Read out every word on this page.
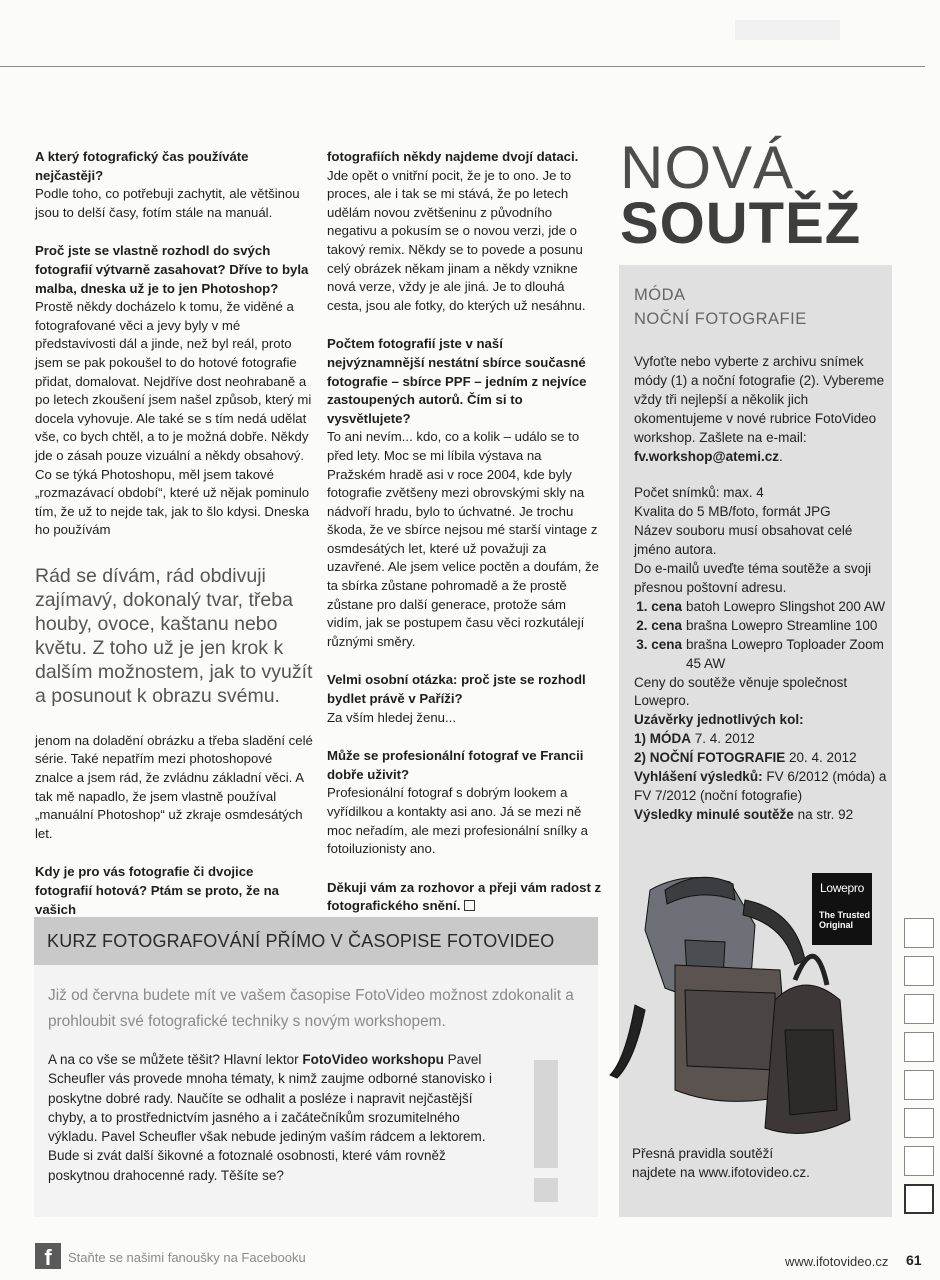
A který fotografický čas používáte nejčastěji?

Podle toho, co potřebuji zachytit, ale většinou jsou to delší časy, fotím stále na manuál.

Proč jste se vlastně rozhodl do svých fotografií výtvarně zasahovat? Dříve to byla malba, dneska už je to jen Photoshop?

Prostě někdy docházelo k tomu, že viděné a fotografované věci a jevy byly v mé představivosti dál a jinde, než byl reál, proto jsem se pak pokoušel to do hotové fotografie přidat, domalovat. Nejdříve dost neohrabaně a po letech zkoušení jsem našel způsob, který mi docela vyhovuje. Ale také se s tím nedá udělat vše, co bych chtěl, a to je možná dobře. Někdy jde o zásah pouze vizuální a někdy obsahový. Co se týká Photoshopu, měl jsem takové „rozmazávací období“, které už nějak pominulo tím, že už to nejde tak, jak to šlo kdysi. Dneska ho používám

Rád se dívám, rád obdivuji zajímavý, dokonalý tvar, třeba houby, ovoce, kaštanu nebo květu. Z toho už je jen krok k dalším možnostem, jak to využít a posunout k obrazu svému.

jenom na doladění obrázku a třeba sladění celé série. Také nepatřím mezi photoshopové znalce a jsem rád, že zvládnu základní věci. A tak mě napadlo, že jsem vlastně používal „manuální Photoshop“ už zkraje osmdesátých let.

Kdy je pro vás fotografie či dvojice fotografií hotová? Ptám se proto, že na vašich

fotografiích někdy najdeme dvojí dataci.

Jde opět o vnitřní pocit, že je to ono. Je to proces, ale i tak se mi stává, že po letech udělám novou zvětšeninu z původního negativu a pokusím se o novou verzi, jde o takový remix. Někdy se to povede a posunu celý obrázek někam jinam a někdy vznikne nová verze, vždy je ale jiná. Je to dlouhá cesta, jsou ale fotky, do kterých už nesáhnu.

Počtem fotografií jste v naší nejvýznamnější nestátní sbírce současné fotografie – sbírce PPF – jedním z nejvíce zastoupených autorů. Čím si to vysvětlujete?

To ani nevím... kdo, co a kolik – událo se to před lety. Moc se mi líbila výstava na Pražském hradě asi v roce 2004, kde byly fotografie zvětšeny mezi obrovskými skly na nádvoří hradu, bylo to úchvatné. Je trochu škoda, že ve sbírce nejsou mé starší vintage z osmdesátých let, které už považuji za uzavřené. Ale jsem velice poctěn a doufám, že ta sbírka zůstane pohromadě a že prostě zůstane pro další generace, protože sám vidím, jak se postupem času věci rozkutálejí různými směry.

Velmi osobní otázka: proč jste se rozhodl bydlet právě v Paříži?

Za vším hledej ženu...

Může se profesionální fotograf ve Francii dobře uživit?

Profesionální fotograf s dobrým lookem a vyřídilkou a kontakty asi ano. Já se mezi ně moc neřadím, ale mezi profesionální snílky a fotoiluzionisty ano.

Děkuji vám za rozhovor a přeji vám radost z fotografického snění.

NOVÁ
SOUTĚŽ
MÓDA
NOČNÍ FOTOGRAFIE

Vyfoťte nebo vyberte z archivu snímek módy (1) a noční fotografie (2). Vybereme vždy tři nejlepší a několik jich okomentujeme v nové rubrice FotoVideo workshop. Zašlete na e-mail: fv.workshop@atemi.cz.

Počet snímků: max. 4
Kvalita do 5 MB/foto, formát JPG
Název souboru musí obsahovat celé jméno autora.
Do e-mailů uveďte téma soutěže a svoji přesnou poštovní adresu.

1. cena batoh Lowepro Slingshot 200 AW
2. cena brašna Lowepro Streamline 100
3. cena brašna Lowepro Toploader Zoom 45 AW

Ceny do soutěže věnuje společnost Lowepro.

Uzávěrky jednotlivých kol:

1) MÓDA 7. 4. 2012

2) NOČNÍ FOTOGRAFIE 20. 4. 2012

Vyhlášení výsledků: FV 6/2012 (móda) a FV 7/2012 (noční fotografie)

Výsledky minulé soutěže na str. 92

Lowepro
The Trusted Original
Přesná pravidla soutěží najdete na www.ifotovideo.cz.
KURZ FOTOGRAFOVÁNÍ PŘÍMO V ČASOPISE FOTOVIDEO

Již od června budete mít ve vašem časopise FotoVideo možnost zdokonalit a prohloubit své fotografické techniky s novým workshopem.

A na co vše se můžete těšit? Hlavní lektor FotoVideo workshopu Pavel Scheufler vás provede mnoha tématy, k nimž zaujme odborné stanovisko i poskytne dobré rady. Naučíte se odhalit a posléze i napravit nejčastější chyby, a to prostřednictvím jasného a i začátečníkům srozumitelného výkladu. Pavel Scheufler však nebude jediným vaším rádcem a lektorem. Bude si zvát další šikovné a fotoznalé osobnosti, které vám rovněž poskytnou drahocenné rady. Těšíte se?

f	Staňte se našimi fanoušky na Facebooku	www.ifotovideo.cz 61
